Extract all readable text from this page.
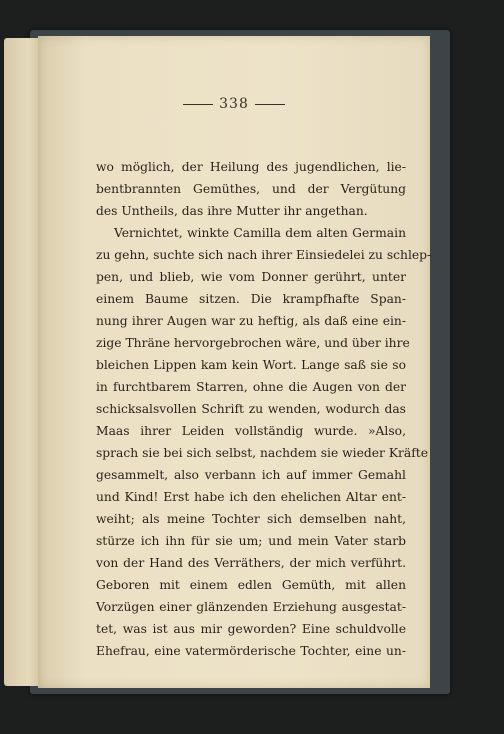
338
wo möglich, der Heilung des jugendlichen, lie-
bentbrannten Gemüthes, und der Vergütung
des Untheils, das ihre Mutter ihr angethan.
Vernichtet, winkte Camilla dem alten Germain
zu gehn, suchte sich nach ihrer Einsiedelei zu schlep-
pen, und blieb, wie vom Donner gerührt, unter
einem Baume sitzen. Die krampfhafte Span-
nung ihrer Augen war zu heftig, als daß eine ein-
zige Thräne hervorgebrochen wäre, und über ihre
bleichen Lippen kam kein Wort. Lange saß sie so
in furchtbarem Starren, ohne die Augen von der
schicksalsvollen Schrift zu wenden, wodurch das
Maas ihrer Leiden vollständig wurde. »Also,
sprach sie bei sich selbst, nachdem sie wieder Kräfte
gesammelt, also verbann ich auf immer Gemahl
und Kind! Erst habe ich den ehelichen Altar ent-
weiht; als meine Tochter sich demselben naht,
stürze ich ihn für sie um; und mein Vater starb
von der Hand des Verräthers, der mich verführt.
Geboren mit einem edlen Gemüth, mit allen
Vorzügen einer glänzenden Erziehung ausgestat-
tet, was ist aus mir geworden? Eine schuldvolle
Ehefrau, eine vatermörderische Tochter, eine un-
